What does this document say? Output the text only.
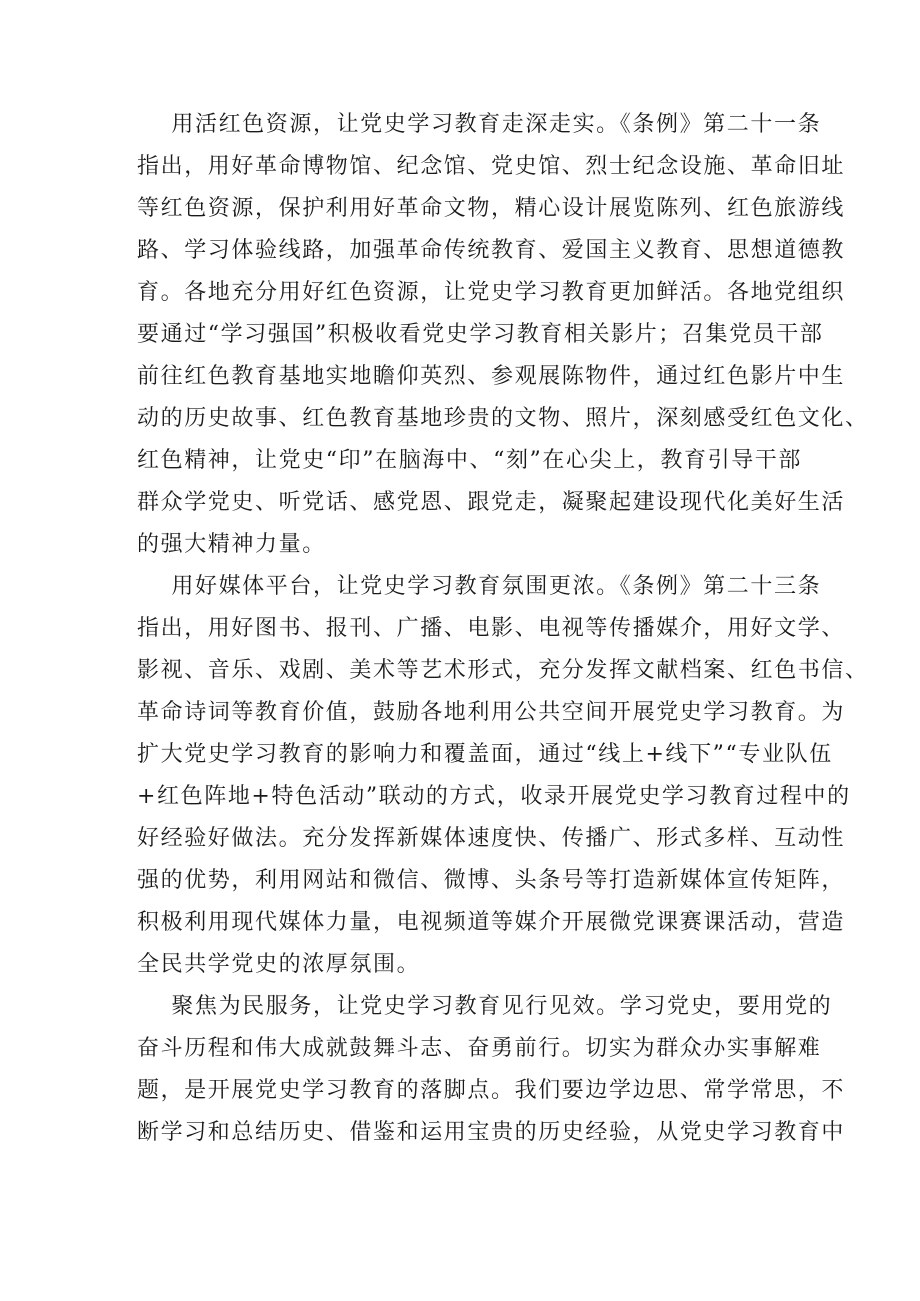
用活红色资源，让党史学习教育走深走实。《条例》第二十一条
指出，用好革命博物馆、纪念馆、党史馆、烈士纪念设施、革命旧址
等红色资源，保护利用好革命文物，精心设计展览陈列、红色旅游线
路、学习体验线路，加强革命传统教育、爱国主义教育、思想道德教
育。各地充分用好红色资源，让党史学习教育更加鲜活。各地党组织
要通过“学习强国”积极收看党史学习教育相关影片；召集党员干部
前往红色教育基地实地瞻仰英烈、参观展陈物件，通过红色影片中生
动的历史故事、红色教育基地珍贵的文物、照片，深刻感受红色文化、
红色精神，让党史“印”在脑海中、“刻”在心尖上，教育引导干部
群众学党史、听党话、感党恩、跟党走，凝聚起建设现代化美好生活
的强大精神力量。
用好媒体平台，让党史学习教育氛围更浓。《条例》第二十三条
指出，用好图书、报刊、广播、电影、电视等传播媒介，用好文学、
影视、音乐、戏剧、美术等艺术形式，充分发挥文献档案、红色书信、
革命诗词等教育价值，鼓励各地利用公共空间开展党史学习教育。为
扩大党史学习教育的影响力和覆盖面，通过“线上+线下”“专业队伍
+红色阵地+特色活动”联动的方式，收录开展党史学习教育过程中的
好经验好做法。充分发挥新媒体速度快、传播广、形式多样、互动性
强的优势，利用网站和微信、微博、头条号等打造新媒体宣传矩阵，
积极利用现代媒体力量，电视频道等媒介开展微党课赛课活动，营造
全民共学党史的浓厚氛围。
聚焦为民服务，让党史学习教育见行见效。学习党史，要用党的
奋斗历程和伟大成就鼓舞斗志、奋勇前行。切实为群众办实事解难
题，是开展党史学习教育的落脚点。我们要边学边思、常学常思，不
断学习和总结历史、借鉴和运用宝贵的历史经验，从党史学习教育中
